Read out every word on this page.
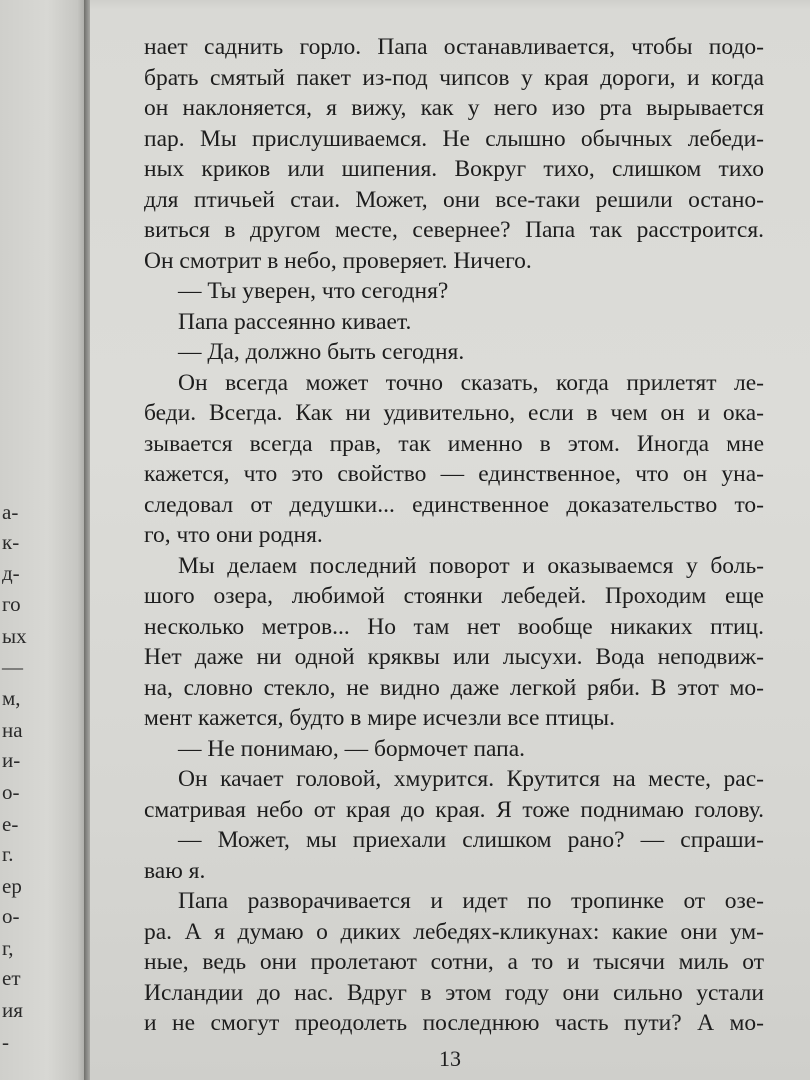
а-
к-
д-
го
ых
—
м,
на
и-
о-
е-
г.
ер
о-
г,
ет
ия
-
нает саднить горло. Папа останавливается, чтобы подо-
брать смятый пакет из-под чипсов у края дороги, и когда
он наклоняется, я вижу, как у него изо рта вырывается
пар. Мы прислушиваемся. Не слышно обычных лебеди-
ных криков или шипения. Вокруг тихо, слишком тихо
для птичьей стаи. Может, они все-таки решили остано-
виться в другом месте, севернее? Папа так расстроится.
Он смотрит в небо, проверяет. Ничего.
— Ты уверен, что сегодня?
Папа рассеянно кивает.
— Да, должно быть сегодня.
Он всегда может точно сказать, когда прилетят ле-
беди. Всегда. Как ни удивительно, если в чем он и ока-
зывается всегда прав, так именно в этом. Иногда мне
кажется, что это свойство — единственное, что он уна-
следовал от дедушки... единственное доказательство то-
го, что они родня.
Мы делаем последний поворот и оказываемся у боль-
шого озера, любимой стоянки лебедей. Проходим еще
несколько метров... Но там нет вообще никаких птиц.
Нет даже ни одной кряквы или лысухи. Вода неподвиж-
на, словно стекло, не видно даже легкой ряби. В этот мо-
мент кажется, будто в мире исчезли все птицы.
— Не понимаю, — бормочет папа.
Он качает головой, хмурится. Крутится на месте, рас-
сматривая небо от края до края. Я тоже поднимаю голову.
— Может, мы приехали слишком рано? — спраши-
ваю я.
Папа разворачивается и идет по тропинке от озе-
ра. А я думаю о диких лебедях-кликунах: какие они ум-
ные, ведь они пролетают сотни, а то и тысячи миль от
Исландии до нас. Вдруг в этом году они сильно устали
и не смогут преодолеть последнюю часть пути? А мо-
13
